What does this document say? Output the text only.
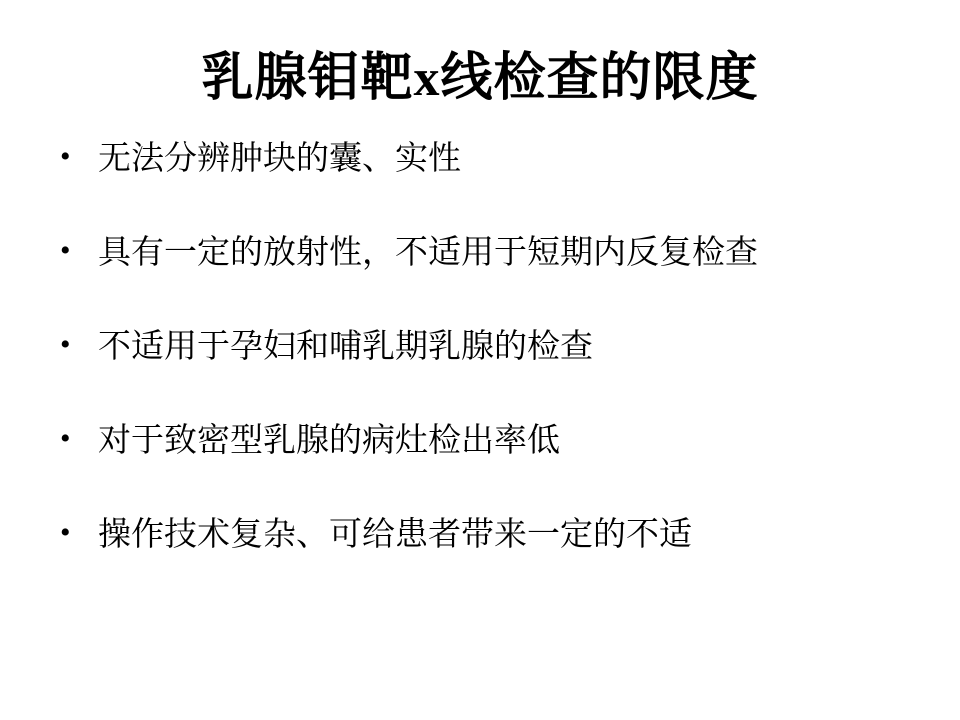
乳腺钼靶x线检查的限度
• 无法分辨肿块的囊、实性
• 具有一定的放射性，不适用于短期内反复检查
• 不适用于孕妇和哺乳期乳腺的检查
• 对于致密型乳腺的病灶检出率低
• 操作技术复杂、可给患者带来一定的不适
